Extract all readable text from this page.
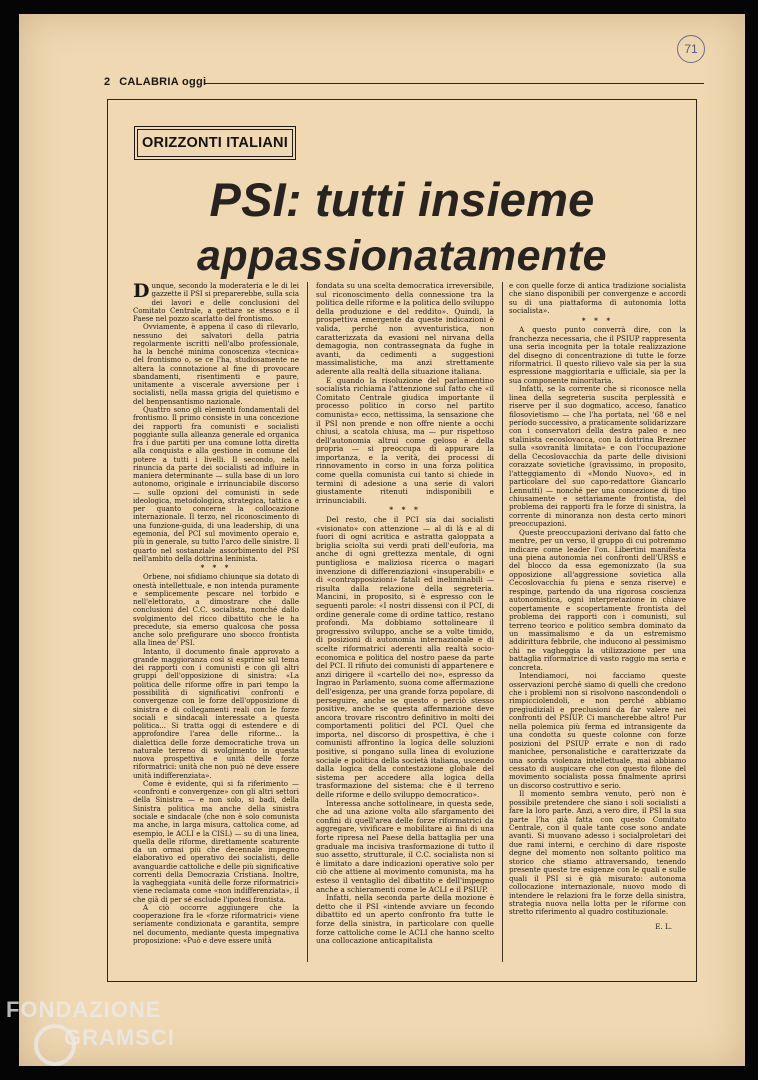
71
2 CALABRIA oggi
ORIZZONTI ITALIANI
PSI: tutti insieme
appassionatamente

Dunque, secondo la moderateria e le di lei gazzette il PSI si preparerebbe, sulla scia dei lavori e delle conclusioni del Comitato Centrale, a gettare se stesso e il Paese nel pozzo scarlatto del frontismo.

Ovviamente, è appena il caso di rilevarlo, nessuno dei salvatori della patria regolarmente iscritti nell'albo professionale, ha la benché minima conoscenza «tecnica» del frontismo o, se ce l'ha, studiosamente ne altera la connotazione al fine di provocare sbandamenti, risentimenti e paure, unitamente a viscerale avversione per i socialisti, nella massa grigia del quietismo e del benpensantismo nazionale.

Quattro sono gli elementi fondamentali del frontismo. Il primo consiste in una concezione dei rapporti fra comunisti e socialisti poggiante sulla alleanza generale ed organica fra i due partiti per una comune lotta diretta alla conquista e alla gestione in comune del potere a tutti i livelli. Il secondo, nella rinuncia da parte dei socialisti ad influire in maniera determinante — sulla base di un loro autonomo, originale e irrinunciabile discorso — sulle opzioni del comunisti in sede ideologica, metodologica, strategica, tattica e per quanto concerne la collocazione internazionale. Il terzo, nel riconoscimento di una funzione-guida, di una leadership, di una egemonia, del PCI sul movimento operaio e, più in generale, su tutto l'arco delle sinistre. Il quarto nel sostanziale assorbimento del PSI nell'ambito della dottrina leninista.

* * *

Orbene, noi sfidiamo chiunque sia dotato di onestà intellettuale, e non intenda puramente e semplicemente pescare nel torbido e nell'elettorato, a dimostrare che dalle conclusioni del C.C. socialista, nonché dallo svolgimento del ricco dibattito che le ha precedute, sia emerso qualcosa che possa anche solo prefigurare uno sbocco frontista alla linea de' PSI.

Intanto, il documento finale approvato a grande maggioranza così si esprime sul tema dei rapporti con i comunisti e con gli altri gruppi dell'opposizione di sinistra: «La politica delle riforme offre in pari tempo la possibilità di significativi confronti e convergenze con le forze dell'opposizione di sinistra e di collegamenti reali con le forze sociali e sindacali interessate a questa politica... Si tratta oggi di estendere e di approfondire l'area delle riforme... la dialettica delle forze democratiche trova un naturale terreno di svolgimento in questa nuova prospettiva e unità delle forze riformatrici: unità che non può né deve essere unità indifferenziata».

Come è evidente, qui si fa riferimento — «confronti e convergenze» con gli altri settori della Sinistra — e non solo, si badi, della Sinistra politica ma anche della sinistra sociale e sindacale (che non è solo comunista ma anche, in larga misura, cattolica come, ad esempio, le ACLI e la CISL) — su di una linea, quella delle riforme, direttamente scaturente da un ormai più che decennale impegno elaborativo ed operativo dei socialisti, delle avanguardie cattoliche e delle più significative correnti della Democrazia Cristiana. Inoltre, la vagheggiata «unità delle forze riformatrici» viene reclamata come «non indifferenziata», il che già di per sé esclude l'ipotesi frontista.

A ciò occorre aggiungere che la cooperazione fra le «forze riformatrici» viene seriamente condizionata e garantita, sempre nel documento, mediante questa impegnativa proposizione: «Può e deve essere unità

fondata su una scelta democratica irreversibile, sul riconoscimento della connessione tra la politica delle riforme e la politica dello sviluppo della produzione e del reddito». Quindi, la prospettiva emergente da queste indicazioni è valida, perché non avventuristica, non caratterizzata da evasioni nel nirvana della demagogia, non contrassegnata da fughe in avanti, da cedimenti a suggestioni massimalistiche, ma anzi strettamente aderente alla realtà della situazione italiana.

E quando la risoluzione del parlamentino socialista richiama l'attenzione sul fatto che «il Comitato Centrale giudica importante il processo politico in corso nel partito comunista» ecco, nettissima, la sensazione che il PSI non prende e non offre niente a occhi chiusi, a scatola chiusa, ma — pur rispettoso dell'autonomia altrui come geloso è della propria — si preoccupa di appurare la importanza, e la verità, dei processi di rinnovamento in corso in una forza politica come quella comunista cui tanto si chiede in termini di adesione a una serie di valori giustamente ritenuti indisponibili e irrinunciabili.

* * *

Del resto, che il PCI sia dai socialisti «visionato» con attenzione — al di là e al di fuori di ogni acritica e astratta galoppata a briglia sciolta sui verdi prati dell'euforia, ma anche di ogni grettezza mentale, di ogni puntigliosa e maliziosa ricerca o magari invenzione di differenziazioni «insuperabili» e di «contrapposizioni» fatali ed ineliminabili — risulta dalla relazione della segreteria. Mancini, in proposito, si è espresso con le seguenti parole: «I nostri dissensi con il PCI, di ordine generale come di ordine tattico, restano profondi. Ma dobbiamo sottolineare il progressivo sviluppo, anche se a volte timido, di posizioni di autonomia internazionale e di scelte riformatrici aderenti alla realtà socio-economica e politica del nostro paese da parte del PCI. Il rifiuto dei comunisti di appartenere e anzi dirigere il «cartello dei no», espresso da Ingrao in Parlamento, suona come affermazione dell'esigenza, per una grande forza popolare, di perseguire, anche se questo o perciò stesso positive, anche se questa affermazione deve ancora trovare riscontro definitivo in molti dei comportamenti politici del PCI. Quel che importa, nel discorso di prospettiva, è che i comunisti affrontino la logica delle soluzioni positive, si pongano sulla linea di evoluzione sociale e politica della società italiana, uscendo dalla logica della contestazione globale del sistema per accedere alla logica della trasformazione del sistema: che è il terreno delle riforme e dello sviluppo democratico».

Interessa anche sottolineare, in questa sede, che ad una azione volta allo sfargamento dei confini di quell'area delle forze riformatrici da aggregare, vivificare e mobilitare ai fini di una forte ripresa nel Paese della battaglia per una graduale ma incisiva trasformazione di tutto il suo assetto, strutturale, il C.C. socialista non si è limitato a dare indicazioni operative solo per ciò che attiene al movimento comunista, ma ha esteso il ventaglio del dibattito e dell'impegno anche a schieramenti come le ACLI e il PSIUP.

Infatti, nella seconda parte della mozione è detto che il PSI «intende avviare un fecondo dibattito ed un aperto confronto fra tutte le forze della sinistra, in particolare con quelle forze cattoliche come le ACLI che hanno scelto una collocazione anticapitalista

e con quelle forze di antica tradizione socialista che siano disponibili per convergenze e accordi su di una piattaforma di autonomia lotta socialista».

* * *

A questo punto converrà dire, con la franchezza necessaria, che il PSIUP rappresenta una seria incognita per la totale realizzazione del disegno di concentrazione di tutte le forze riformatrici. Il questo rilievo vale sia per la sua espressione maggioritaria e ufficiale, sia per la sua componente minoritaria.

Infatti, se la corrente che si riconosce nella linea della segreteria suscita perplessità e riserve per il suo dogmatico, acceso, fanatico filosovietismo — che l'ha portata, nel '68 e nel periodo successivo, a praticamente solidarizzare con i conservatori della destra paleo e neo stalinista cecoslovacca, con la dottrina Brezner sulla «sovranità limitata» e con l'occupazione della Cecoslovacchia da parte delle divisioni corazzate sovietiche (gravissimo, in proposito, l'atteggiamento di «Mondo Nuovo», ed in particolare del suo capo-redattore Giancarlo Lennutti) — nonché per una concezione di tipo chiusamente e settariamente frontista, del problema dei rapporti fra le forze di sinistra, la corrente di minoranza non desta certo minori preoccupazioni.

Queste preoccupazioni derivano dal fatto che mentre, per un verso, il gruppo di cui potremmo indicare come leader l'on. Libertini manifesta una piena autonomia nei confronti dell'URSS e del blocco da essa egemonizzato (la sua opposizione all'aggressione sovietica alla Cecoslovacchia fu piena e senza riserve) e respinge, partendo da una rigorosa coscienza autonomistica, ogni interpretazione in chiave copertamente e scopertamente frontista del problema dei rapporti con i comunisti, sul terreno teorico e politico sembra dominato da un massimalismo e da un estremismo addirittura febbrile, che inducono al pessimismo chi ne vagheggia la utilizzazione per una battaglia riformatrice di vasto raggio ma seria e concreta.

Intendiamoci, noi facciamo queste osservazioni perché siamo di quelli che credono che i problemi non si risolvono nascondendoli o rimpicciolendoli, e non perché abbiamo pregiudiziali e preclusioni da far valere nei confronti del PSIUP. Ci mancherebbe altro! Pur nella polemica più ferma ed intransigente da una condotta su queste colonne con forze posizioni del PSIUP errate e non di rado manichee, personalistiche e caratterizzate da una sorda violenza intellettuale, mai abbiamo cessato di auspicare che con questo filone del movimento socialista possa finalmente aprirsi un discorso costruttivo e serio.

Il momento sembra venuto, però non è possibile pretendere che siano i soli socialisti a fare la loro parte. Anzi, a vero dire, il PSI la sua parte l'ha già fatta con questo Comitato Centrale, con il quale tante cose sono andate avanti. Si muovano adesso i socialproletari dei due rami interni, e cerchino di dare risposte degne del momento non soltanto politico ma storico che stiamo attraversando, tenendo presente queste tre esigenze con le quali e sulle quali il PSI si è già misurato: autonoma collocazione internazionale, nuovo modo di intendere le relazioni fra le forze della sinistra, strategia nuova nella lotta per le riforme con stretto riferimento al quadro costituzionale.

E. L.
FONDAZIONE
GRAMSCI
